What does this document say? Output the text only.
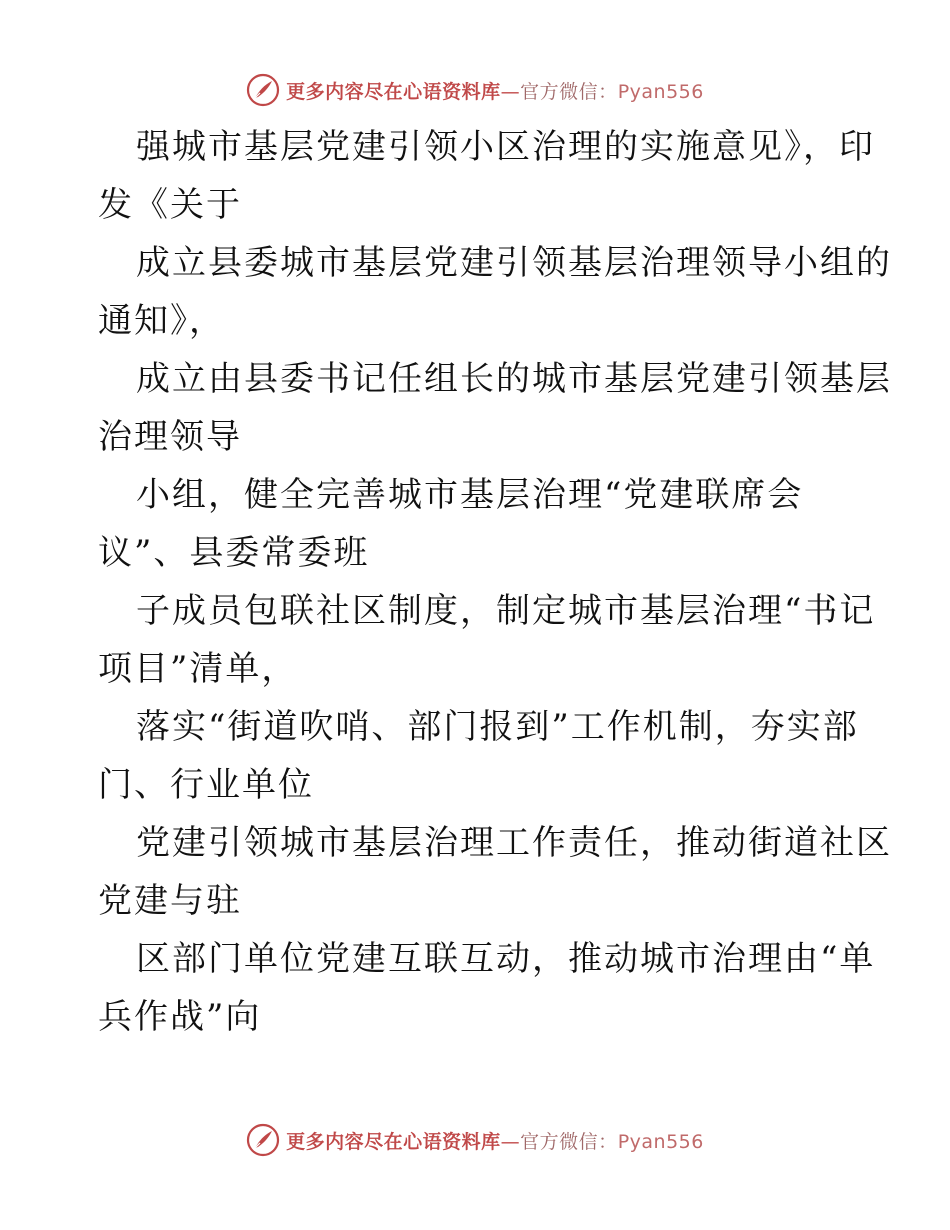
更多内容尽在心语资料库—官方微信：Pyan556
强城市基层党建引领小区治理的实施意见》，印
发《关于
成立县委城市基层党建引领基层治理领导小组的
通知》，
成立由县委书记任组长的城市基层党建引领基层
治理领导
小组，健全完善城市基层治理“党建联席会
议”、县委常委班
子成员包联社区制度，制定城市基层治理“书记
项目”清单，
落实“街道吹哨、部门报到”工作机制，夯实部
门、行业单位
党建引领城市基层治理工作责任，推动街道社区
党建与驻
区部门单位党建互联互动，推动城市治理由“单
兵作战”向
更多内容尽在心语资料库—官方微信：Pyan556
